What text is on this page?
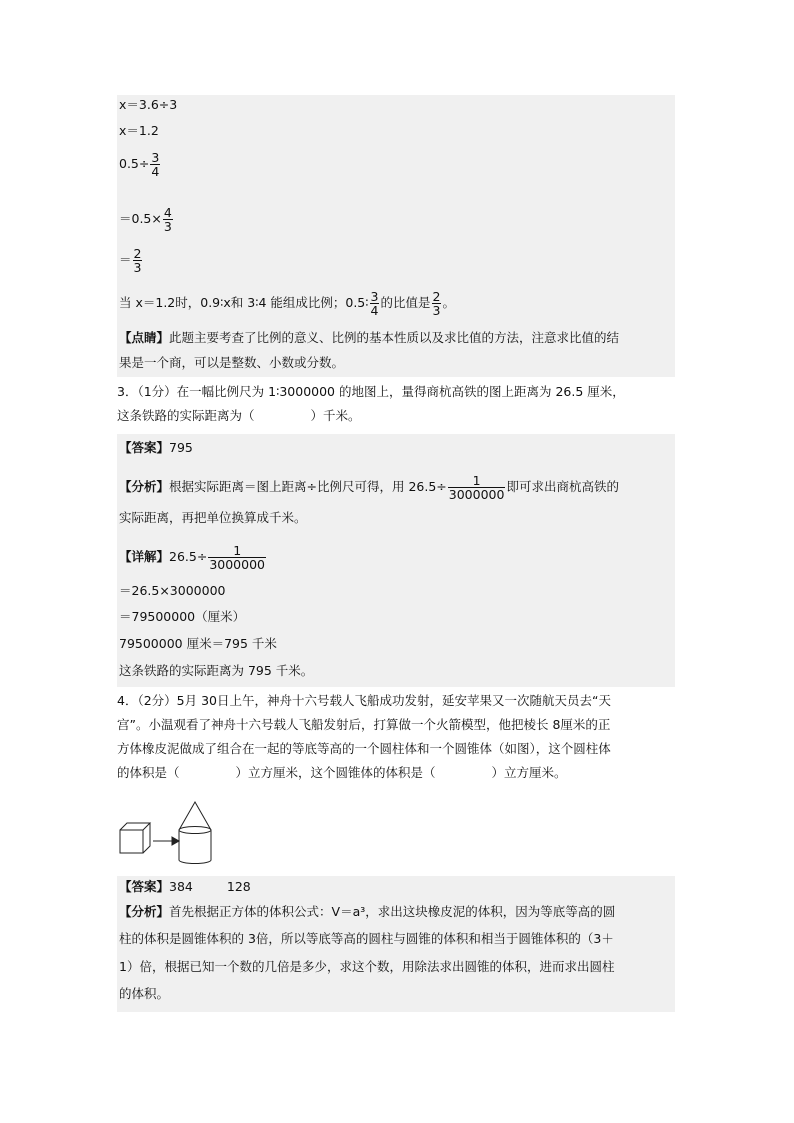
x＝3.6÷3
x＝1.2
$0.5\div \frac{3}{4}$
$=0.5\times \frac{4}{3}$
＝ $\frac{2}{3}$
当 x＝1.2时，0.9∶x和 3∶4 能组成比例；0.5∶ $\frac{3}{4}$ 的比值是 $\frac{2}{3}$ 。
【点睛】此题主要考查了比例的意义、比例的基本性质以及求比值的方法，注意求比值的结
果是一个商，可以是整数、小数或分数。
3．（1分）在一幅比例尺为 1∶3000000 的地图上，量得商杭高铁的图上距离为 26.5 厘米，
这条铁路的实际距离为（	）千米。
【答案】795
【分析】根据实际距离＝图上距离÷比例尺可得，用 $26.5\div \frac{1}{3000000}$ 即可求出商杭高铁的
实际距离，再把单位换算成千米。
【详解】$26.5\div \frac{1}{3000000}$
＝26.5×3000000
＝79500000（厘米）
79500000 厘米＝795 千米
这条铁路的实际距离为 795 千米。
4．（2分）5月 30日上午，神舟十六号载人飞船成功发射，延安苹果又一次随航天员去“天
宫”。小温观看了神舟十六号载人飞船发射后，打算做一个火箭模型，他把棱长 8厘米的正
方体橡皮泥做成了组合在一起的等底等高的一个圆柱体和一个圆锥体（如图），这个圆柱体
的体积是（	）立方厘米，这个圆锥体的体积是（	）立方厘米。
【答案】384	128
【分析】首先根据正方体的体积公式：V＝a³，求出这块橡皮泥的体积，因为等底等高的圆
柱的体积是圆锥体积的 3倍，所以等底等高的圆柱与圆锥的体积和相当于圆锥体积的（3＋
1）倍，根据已知一个数的几倍是多少，求这个数，用除法求出圆锥的体积，进而求出圆柱
的体积。
